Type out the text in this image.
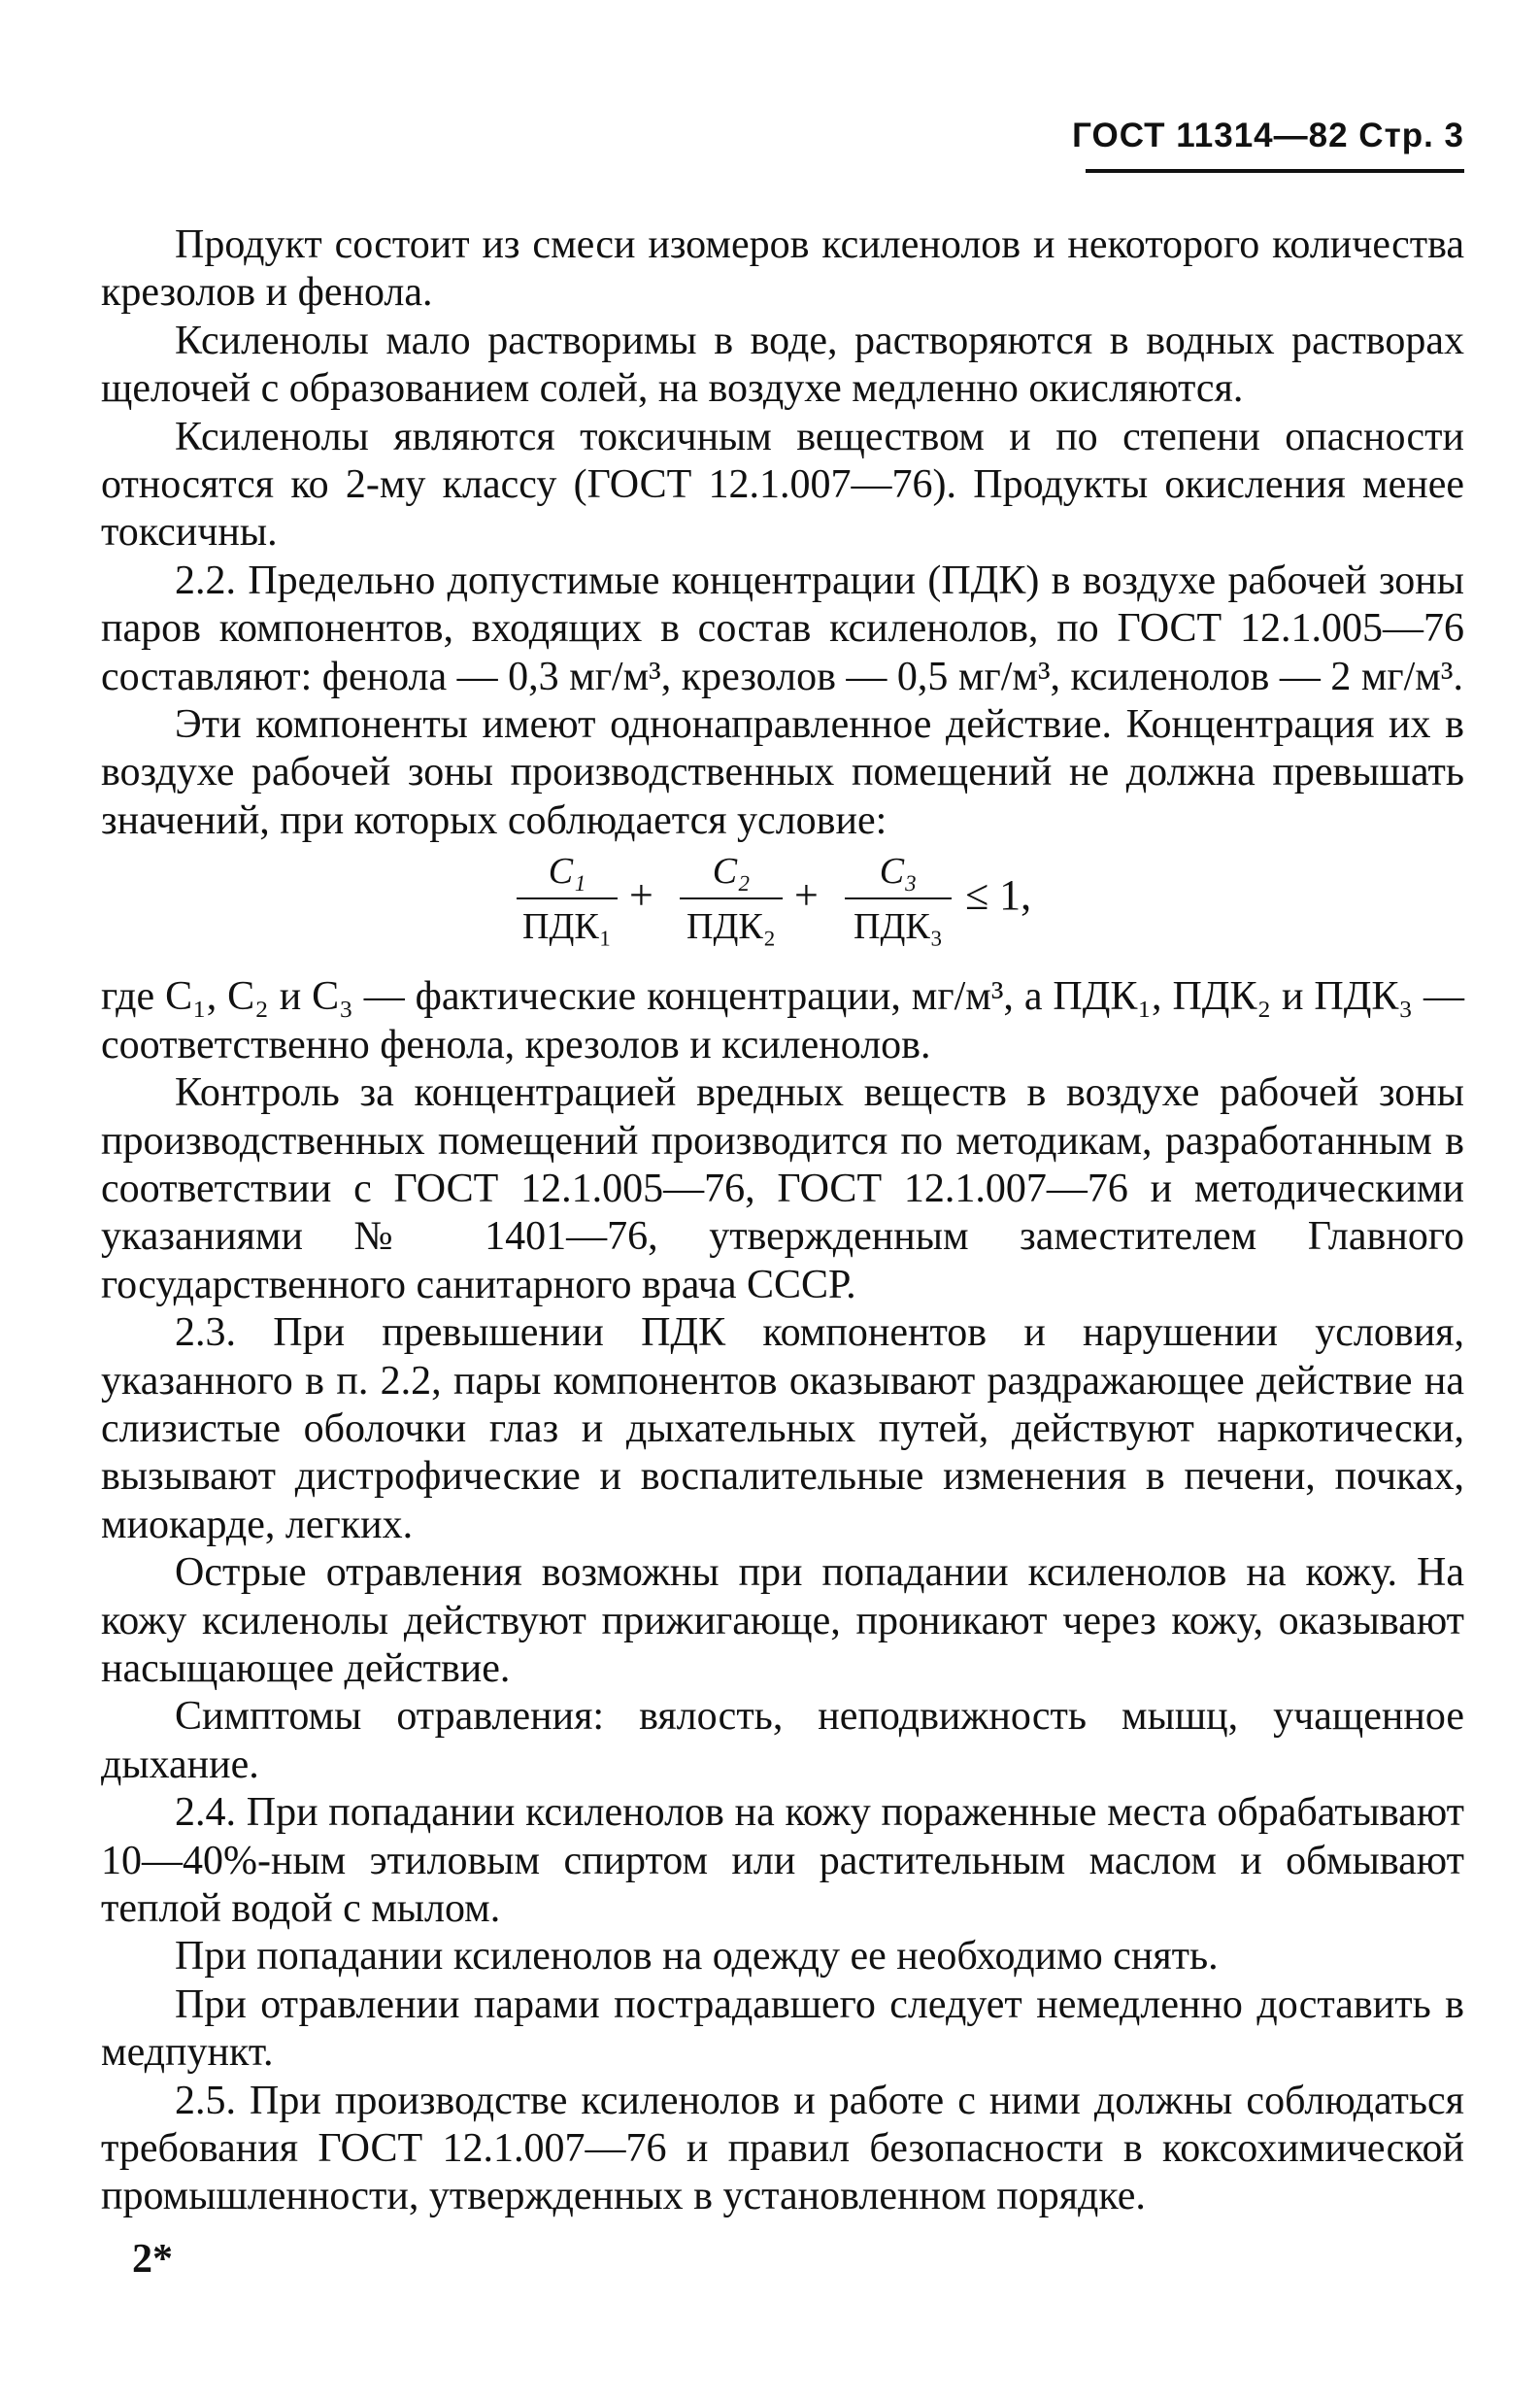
ГОСТ 11314—82 Стр. 3

Продукт состоит из смеси изомеров ксиленолов и некоторого количества крезолов и фенола.

Ксиленолы мало растворимы в воде, растворяются в водных растворах щелочей с образованием солей, на воздухе медленно окисляются.

Ксиленолы являются токсичным веществом и по степени опасности относятся ко 2-му классу (ГОСТ 12.1.007—76). Продукты окисления менее токсичны.

2.2. Предельно допустимые концентрации (ПДК) в воздухе рабочей зоны паров компонентов, входящих в состав ксиленолов, по ГОСТ 12.1.005—76 составляют: фенола — 0,3 мг/м³, крезолов — 0,5 мг/м³, ксиленолов — 2 мг/м³.

Эти компоненты имеют однонаправленное действие. Концентрация их в воздухе рабочей зоны производственных помещений не должна превышать значений, при которых соблюдается условие:

C₁
ПДК₁
+	C₂
ПДК₂
+	C₃
ПДК₃
≤ 1,

где C₁, C₂ и C₃ — фактические концентрации, мг/м³, а ПДК₁, ПДК₂ и ПДК₃ — соответственно фенола, крезолов и ксиленолов.

Контроль за концентрацией вредных веществ в воздухе рабочей зоны производственных помещений производится по методикам, разработанным в соответствии с ГОСТ 12.1.005—76, ГОСТ 12.1.007—76 и методическими указаниями № 1401—76, утвержденным заместителем Главного государственного санитарного врача СССР.

2.3. При превышении ПДК компонентов и нарушении условия, указанного в п. 2.2, пары компонентов оказывают раздражающее действие на слизистые оболочки глаз и дыхательных путей, действуют наркотически, вызывают дистрофические и воспалительные изменения в печени, почках, миокарде, легких.

Острые отравления возможны при попадании ксиленолов на кожу. На кожу ксиленолы действуют прижигающе, проникают через кожу, оказывают насыщающее действие.

Симптомы отравления: вялость, неподвижность мышц, учащенное дыхание.

2.4. При попадании ксиленолов на кожу пораженные места обрабатывают 10—40%-ным этиловым спиртом или растительным маслом и обмывают теплой водой с мылом.

При попадании ксиленолов на одежду ее необходимо снять.

При отравлении парами пострадавшего следует немедленно доставить в медпункт.

2.5. При производстве ксиленолов и работе с ними должны соблюдаться требования ГОСТ 12.1.007—76 и правил безопасности в коксохимической промышленности, утвержденных в установленном порядке.

2*
